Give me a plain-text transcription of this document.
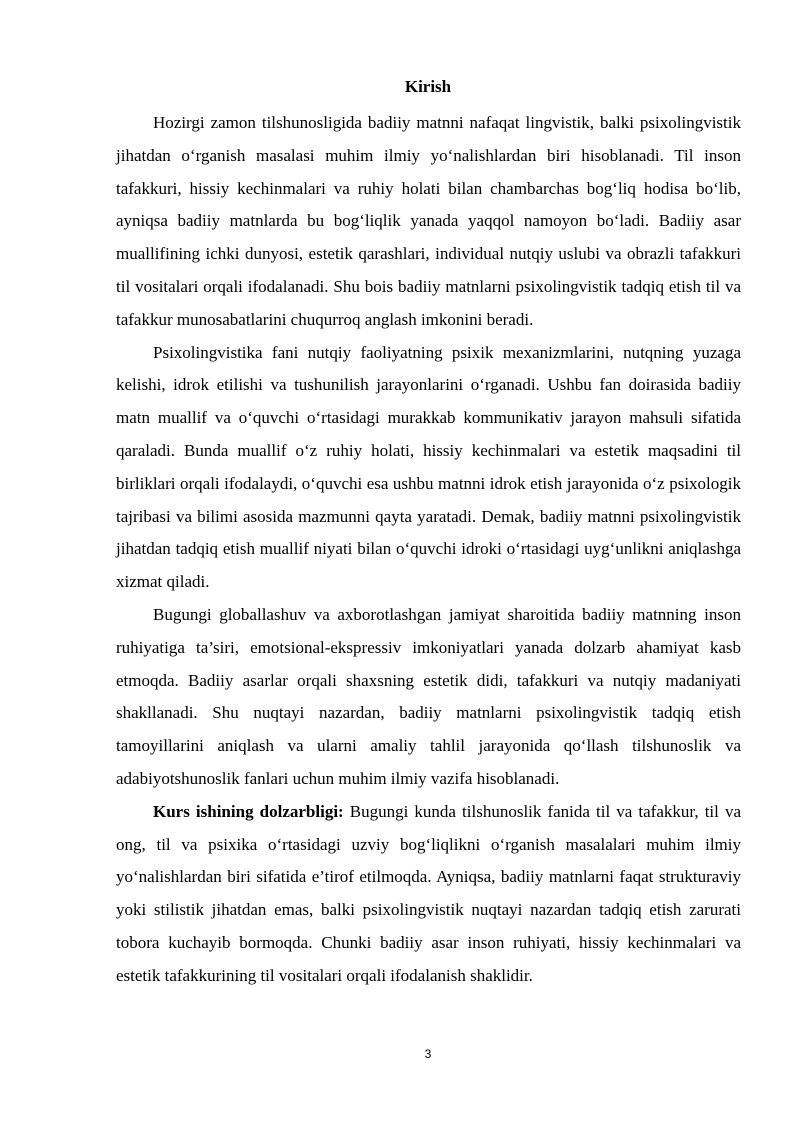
Kirish

Hozirgi zamon tilshunosligida badiiy matnni nafaqat lingvistik, balki psixolingvistik jihatdan o‘rganish masalasi muhim ilmiy yo‘nalishlardan biri hisoblanadi. Til inson tafakkuri, hissiy kechinmalari va ruhiy holati bilan chambarchas bog‘liq hodisa bo‘lib, ayniqsa badiiy matnlarda bu bog‘liqlik yanada yaqqol namoyon bo‘ladi. Badiiy asar muallifining ichki dunyosi, estetik qarashlari, individual nutqiy uslubi va obrazli tafakkuri til vositalari orqali ifodalanadi. Shu bois badiiy matnlarni psixolingvistik tadqiq etish til va tafakkur munosabatlarini chuqurroq anglash imkonini beradi.

Psixolingvistika fani nutqiy faoliyatning psixik mexanizmlarini, nutqning yuzaga kelishi, idrok etilishi va tushunilish jarayonlarini o‘rganadi. Ushbu fan doirasida badiiy matn muallif va o‘quvchi o‘rtasidagi murakkab kommunikativ jarayon mahsuli sifatida qaraladi. Bunda muallif o‘z ruhiy holati, hissiy kechinmalari va estetik maqsadini til birliklari orqali ifodalaydi, o‘quvchi esa ushbu matnni idrok etish jarayonida o‘z psixologik tajribasi va bilimi asosida mazmunni qayta yaratadi. Demak, badiiy matnni psixolingvistik jihatdan tadqiq etish muallif niyati bilan o‘quvchi idroki o‘rtasidagi uyg‘unlikni aniqlashga xizmat qiladi.

Bugungi globallashuv va axborotlashgan jamiyat sharoitida badiiy matnning inson ruhiyatiga ta’siri, emotsional-ekspressiv imkoniyatlari yanada dolzarb ahamiyat kasb etmoqda. Badiiy asarlar orqali shaxsning estetik didi, tafakkuri va nutqiy madaniyati shakllanadi. Shu nuqtayi nazardan, badiiy matnlarni psixolingvistik tadqiq etish tamoyillarini aniqlash va ularni amaliy tahlil jarayonida qo‘llash tilshunoslik va adabiyotshunoslik fanlari uchun muhim ilmiy vazifa hisoblanadi.

Kurs ishining dolzarbligi: Bugungi kunda tilshunoslik fanida til va tafakkur, til va ong, til va psixika o‘rtasidagi uzviy bog‘liqlikni o‘rganish masalalari muhim ilmiy yo‘nalishlardan biri sifatida e’tirof etilmoqda. Ayniqsa, badiiy matnlarni faqat strukturaviy yoki stilistik jihatdan emas, balki psixolingvistik nuqtayi nazardan tadqiq etish zarurati tobora kuchayib bormoqda. Chunki badiiy asar inson ruhiyati, hissiy kechinmalari va estetik tafakkurining til vositalari orqali ifodalanish shaklidir.

3
